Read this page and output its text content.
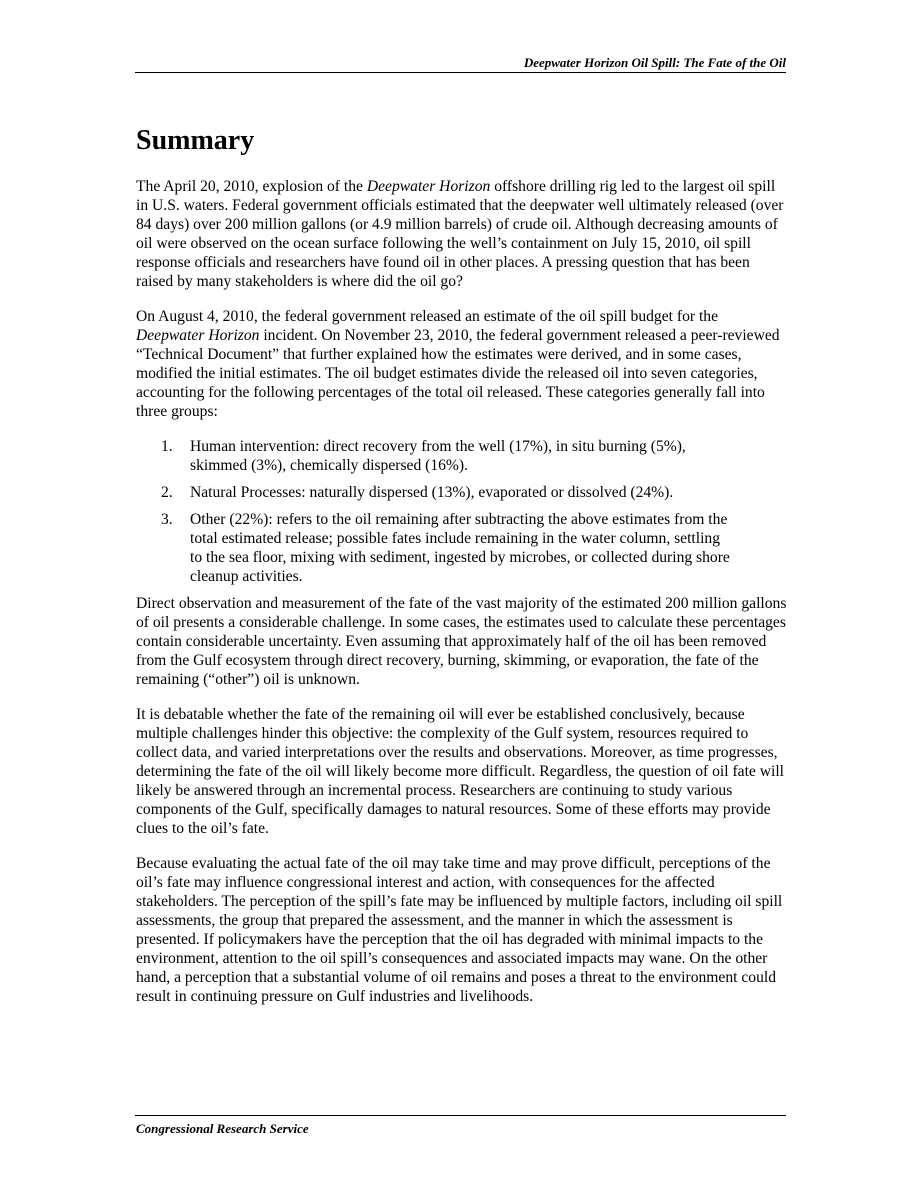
Deepwater Horizon Oil Spill: The Fate of the Oil
Summary

The April 20, 2010, explosion of the Deepwater Horizon offshore drilling rig led to the largest oil spill in U.S. waters. Federal government officials estimated that the deepwater well ultimately released (over 84 days) over 200 million gallons (or 4.9 million barrels) of crude oil. Although decreasing amounts of oil were observed on the ocean surface following the well’s containment on July 15, 2010, oil spill response officials and researchers have found oil in other places. A pressing question that has been raised by many stakeholders is where did the oil go?

On August 4, 2010, the federal government released an estimate of the oil spill budget for the Deepwater Horizon incident. On November 23, 2010, the federal government released a peer-reviewed “Technical Document” that further explained how the estimates were derived, and in some cases, modified the initial estimates. The oil budget estimates divide the released oil into seven categories, accounting for the following percentages of the total oil released. These categories generally fall into three groups:

1. Human intervention: direct recovery from the well (17%), in situ burning (5%), skimmed (3%), chemically dispersed (16%).
2. Natural Processes: naturally dispersed (13%), evaporated or dissolved (24%).
3. Other (22%): refers to the oil remaining after subtracting the above estimates from the total estimated release; possible fates include remaining in the water column, settling to the sea floor, mixing with sediment, ingested by microbes, or collected during shore cleanup activities.

Direct observation and measurement of the fate of the vast majority of the estimated 200 million gallons of oil presents a considerable challenge. In some cases, the estimates used to calculate these percentages contain considerable uncertainty. Even assuming that approximately half of the oil has been removed from the Gulf ecosystem through direct recovery, burning, skimming, or evaporation, the fate of the remaining (“other”) oil is unknown.

It is debatable whether the fate of the remaining oil will ever be established conclusively, because multiple challenges hinder this objective: the complexity of the Gulf system, resources required to collect data, and varied interpretations over the results and observations. Moreover, as time progresses, determining the fate of the oil will likely become more difficult. Regardless, the question of oil fate will likely be answered through an incremental process. Researchers are continuing to study various components of the Gulf, specifically damages to natural resources. Some of these efforts may provide clues to the oil’s fate.

Because evaluating the actual fate of the oil may take time and may prove difficult, perceptions of the oil’s fate may influence congressional interest and action, with consequences for the affected stakeholders. The perception of the spill’s fate may be influenced by multiple factors, including oil spill assessments, the group that prepared the assessment, and the manner in which the assessment is presented. If policymakers have the perception that the oil has degraded with minimal impacts to the environment, attention to the oil spill’s consequences and associated impacts may wane. On the other hand, a perception that a substantial volume of oil remains and poses a threat to the environment could result in continuing pressure on Gulf industries and livelihoods.

Congressional Research Service
